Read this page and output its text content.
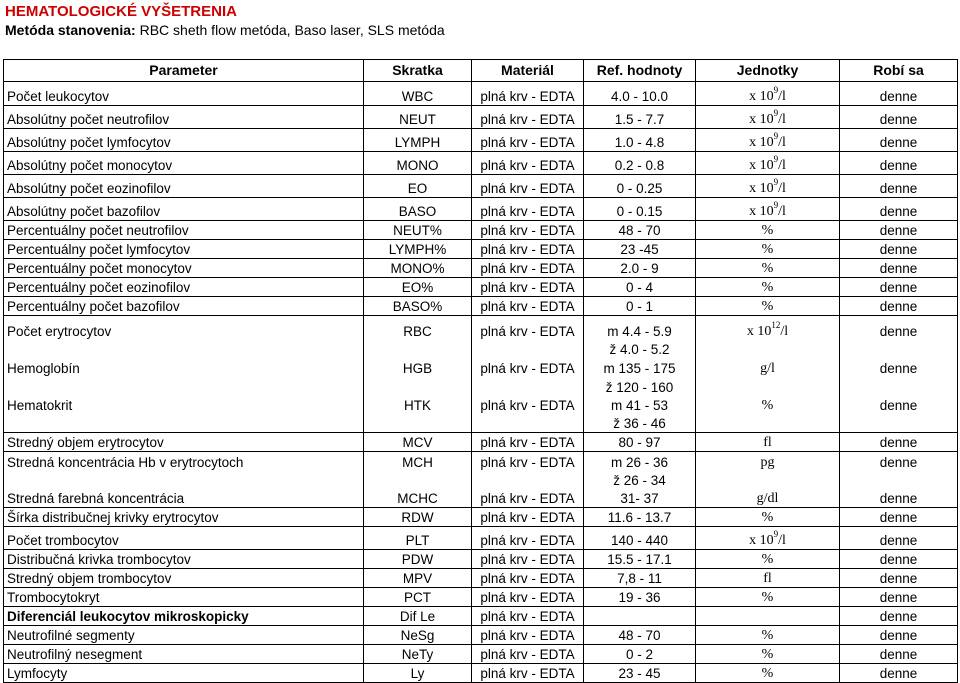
HEMATOLOGICKÉ VYŠETRENIA
Metóda stanovenia: RBC sheth flow metóda, Baso laser, SLS metóda
Parameter	Skratka	Materiál	Ref. hodnoty	Jednotky	Robí sa
Počet leukocytov	WBC	plná krv - EDTA	4.0 - 10.0	x $10^9/l$	denne
Absolútny počet neutrofilov	NEUT	plná krv - EDTA	1.5 - 7.7	x $10^9/l$	denne
Absolútny počet lymfocytov	LYMPH	plná krv - EDTA	1.0 - 4.8	x $10^9/l$	denne
Absolútny počet monocytov	MONO	plná krv - EDTA	0.2 - 0.8	x $10^9/l$	denne
Absolútny počet eozinofilov	EO	plná krv - EDTA	0 - 0.25	x $10^9/l$	denne
Absolútny počet bazofilov	BASO	plná krv - EDTA	0 - 0.15	x $10^9/l$	denne
Percentuálny počet neutrofilov	NEUT%	plná krv - EDTA	48 - 70	%	denne
Percentuálny počet lymfocytov	LYMPH%	plná krv - EDTA	23 -45	%	denne
Percentuálny počet monocytov	MONO%	plná krv - EDTA	2.0 - 9	%	denne
Percentuálny počet eozinofilov	EO%	plná krv - EDTA	0 - 4	%	denne
Percentuálny počet bazofilov	BASO%	plná krv - EDTA	0 - 1	%	denne
Počet erytrocytov	RBC	plná krv - EDTA	m 4.4 - 5.9	x $10^{12}/l$	denne
			ž 4.0 - 5.2		
Hemoglobín	HGB	plná krv - EDTA	m 135 - 175	g/l	denne
			ž 120 - 160		
Hematokrit	HTK	plná krv - EDTA	m 41 - 53	%	denne
			ž 36 - 46		
Stredný objem erytrocytov	MCV	plná krv - EDTA	80 - 97	fl	denne
Stredná koncentrácia Hb v erytrocytoch	MCH	plná krv - EDTA	m 26 - 36	pg	denne
			ž 26 - 34		
Stredná farebná koncentrácia	MCHC	plná krv - EDTA	31- 37	g/dl	denne
Šírka distribučnej krivky erytrocytov	RDW	plná krv - EDTA	11.6 - 13.7	%	denne
Počet trombocytov	PLT	plná krv - EDTA	140 - 440	x $10^9/l$	denne
Distribučná krivka trombocytov	PDW	plná krv - EDTA	15.5 - 17.1	%	denne
Stredný objem trombocytov	MPV	plná krv - EDTA	7,8 - 11	fl	denne
Trombocytokryt	PCT	plná krv - EDTA	19 - 36	%	denne
Diferenciál leukocytov mikroskopicky	Dif Le	plná krv - EDTA			denne
Neutrofilné segmenty	NeSg	plná krv - EDTA	48 - 70	%	denne
Neutrofilný nesegment	NeTy	plná krv - EDTA	0 - 2	%	denne
Lymfocyty	Ly	plná krv - EDTA	23 - 45	%	denne
